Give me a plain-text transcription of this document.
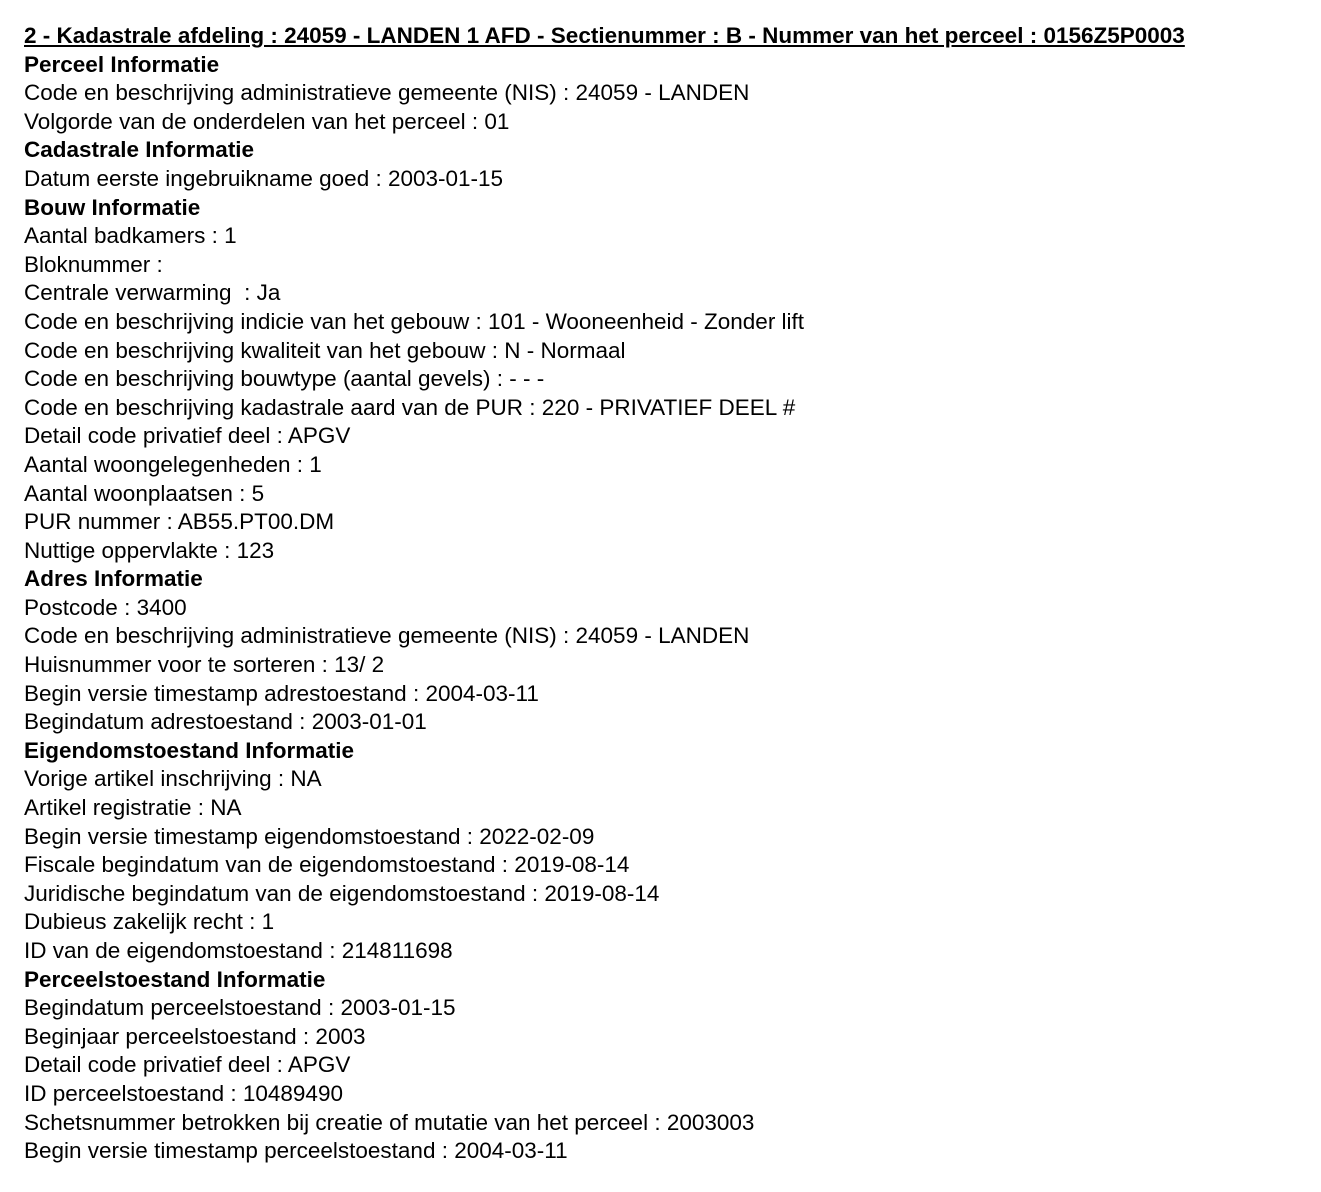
2 - Kadastrale afdeling : 24059 - LANDEN 1 AFD - Sectienummer : B - Nummer van het perceel : 0156Z5P0003
Perceel Informatie
Code en beschrijving administratieve gemeente (NIS) : 24059 - LANDEN
Volgorde van de onderdelen van het perceel : 01
Cadastrale Informatie
Datum eerste ingebruikname goed : 2003-01-15
Bouw Informatie
Aantal badkamers : 1
Bloknummer :
Centrale verwarming  : Ja
Code en beschrijving indicie van het gebouw : 101 - Wooneenheid - Zonder lift
Code en beschrijving kwaliteit van het gebouw : N - Normaal
Code en beschrijving bouwtype (aantal gevels) : - - -
Code en beschrijving kadastrale aard van de PUR : 220 - PRIVATIEF DEEL #
Detail code privatief deel : APGV
Aantal woongelegenheden : 1
Aantal woonplaatsen : 5
PUR nummer : AB55.PT00.DM
Nuttige oppervlakte : 123
Adres Informatie
Postcode : 3400
Code en beschrijving administratieve gemeente (NIS) : 24059 - LANDEN
Huisnummer voor te sorteren : 13/ 2
Begin versie timestamp adrestoestand : 2004-03-11
Begindatum adrestoestand : 2003-01-01
Eigendomstoestand Informatie
Vorige artikel inschrijving : NA
Artikel registratie : NA
Begin versie timestamp eigendomstoestand : 2022-02-09
Fiscale begindatum van de eigendomstoestand : 2019-08-14
Juridische begindatum van de eigendomstoestand : 2019-08-14
Dubieus zakelijk recht : 1
ID van de eigendomstoestand : 214811698
Perceelstoestand Informatie
Begindatum perceelstoestand : 2003-01-15
Beginjaar perceelstoestand : 2003
Detail code privatief deel : APGV
ID perceelstoestand : 10489490
Schetsnummer betrokken bij creatie of mutatie van het perceel : 2003003
Begin versie timestamp perceelstoestand : 2004-03-11
